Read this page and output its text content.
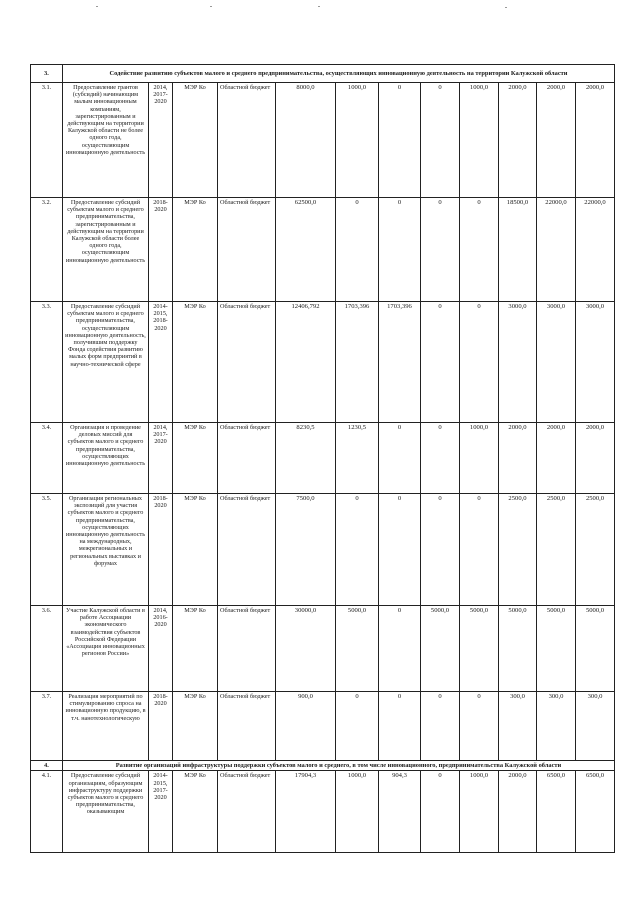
3.	Содействие развитию субъектов малого и среднего предпринимательства, осуществляющих инновационную деятельность на территории Калужской области											
3.1.	Предоставление грантов (субсидий) начинающим малым инновационным компаниям, зарегистрированным и действующим на территории Калужской области не более одного года, осуществляющим инновационную деятельность	2014, 2017-2020	МЭР Ко	Областной бюджет	8000,0	1000,0	0	0	1000,0	2000,0	2000,0	2000,0
3.2.	Предоставление субсидий субъектам малого и среднего предпринимательства, зарегистрированным и действующим на территории Калужской области более одного года, осуществляющим инновационную деятельность	2018-2020	МЭР Ко	Областной бюджет	62500,0	0	0	0	0	18500,0	22000,0	22000,0
3.3.	Предоставление субсидий субъектам малого и среднего предпринимательства, осуществляющим инновационную деятельность, получившим поддержку Фонда содействия развитию малых форм предприятий в научно-технической сфере	2014-2015, 2018-2020	МЭР Ко	Областной бюджет	12406,792	1703,396	1703,396	0	0	3000,0	3000,0	3000,0
3.4.	Организация и проведение деловых миссий для субъектов малого и среднего предпринимательства, осуществляющих инновационную деятельность	2014, 2017-2020	МЭР Ко	Областной бюджет	8230,5	1230,5	0	0	1000,0	2000,0	2000,0	2000,0
3.5.	Организация региональных экспозиций для участия субъектов малого и среднего предпринимательства, осуществляющих инновационную деятельность на международных, межрегиональных и региональных выставках и форумах	2018-2020	МЭР Ко	Областной бюджет	7500,0	0	0	0	0	2500,0	2500,0	2500,0
3.6.	Участие Калужской области в работе Ассоциации экономического взаимодействия субъектов Российской Федерации «Ассоциация инновационных регионов России»	2014, 2016-2020	МЭР Ко	Областной бюджет	30000,0	5000,0	0	5000,0	5000,0	5000,0	5000,0	5000,0
3.7.	Реализация мероприятий по стимулированию спроса на инновационную продукцию, в т.ч. нанотехнологическую	2018-2020	МЭР Ко	Областной бюджет	900,0	0	0	0	0	300,0	300,0	300,0
4.	Развитие организаций инфраструктуры поддержки субъектов малого и среднего, в том числе инновационного, предпринимательства Калужской области											
4.1.	Предоставление субсидий организациям, образующим инфраструктуру поддержки субъектов малого и среднего предпринимательства, оказывающим	2014-2015, 2017-2020	МЭР Ко	Областной бюджет	17904,3	1000,0	904,3	0	1000,0	2000,0	6500,0	6500,0
